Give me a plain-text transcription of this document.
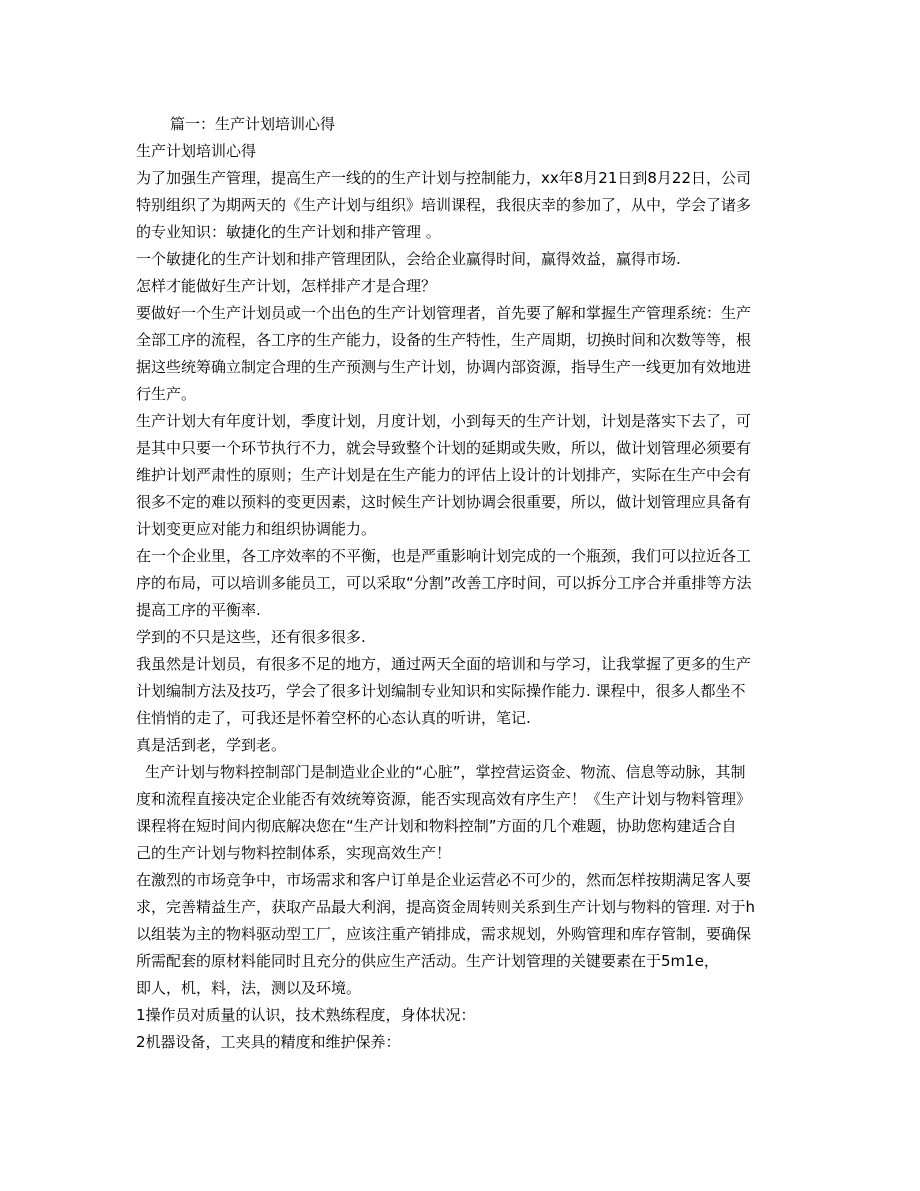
篇一：生产计划培训心得

生产计划培训心得

为了加强生产管理，提高生产一线的的生产计划与控制能力，xx年8月21日到8月22日，公司

特别组织了为期两天的《生产计划与组织》培训课程，我很庆幸的参加了，从中，学会了诸多

的专业知识：敏捷化的生产计划和排产管理 。

一个敏捷化的生产计划和排产管理团队，会给企业赢得时间，赢得效益，赢得市场.

怎样才能做好生产计划，怎样排产才是合理？

要做好一个生产计划员或一个出色的生产计划管理者，首先要了解和掌握生产管理系统：生产

全部工序的流程，各工序的生产能力，设备的生产特性，生产周期，切换时间和次数等等，根

据这些统筹确立制定合理的生产预测与生产计划，协调内部资源，指导生产一线更加有效地进

行生产。

生产计划大有年度计划，季度计划，月度计划，小到每天的生产计划，计划是落实下去了，可

是其中只要一个环节执行不力，就会导致整个计划的延期或失败，所以，做计划管理必须要有

维护计划严肃性的原则；生产计划是在生产能力的评估上设计的计划排产，实际在生产中会有

很多不定的难以预料的变更因素，这时候生产计划协调会很重要，所以，做计划管理应具备有

计划变更应对能力和组织协调能力。

在一个企业里，各工序效率的不平衡，也是严重影响计划完成的一个瓶颈，我们可以拉近各工

序的布局，可以培训多能员工，可以采取“分割”改善工序时间，可以拆分工序合并重排等方法

提高工序的平衡率.

学到的不只是这些，还有很多很多.

我虽然是计划员，有很多不足的地方，通过两天全面的培训和与学习，让我掌握了更多的生产

计划编制方法及技巧，学会了很多计划编制专业知识和实际操作能力. 课程中，很多人都坐不

住悄悄的走了，可我还是怀着空杯的心态认真的听讲，笔记.

真是活到老，学到老。

生产计划与物料控制部门是制造业企业的“心脏”，掌控营运资金、物流、信息等动脉，其制

度和流程直接决定企业能否有效统筹资源，能否实现高效有序生产！《生产计划与物料管理》

课程将在短时间内彻底解决您在“生产计划和物料控制”方面的几个难题，协助您构建适合自

己的生产计划与物料控制体系，实现高效生产！

在激烈的市场竞争中，市场需求和客户订单是企业运营必不可少的，然而怎样按期满足客人要

求，完善精益生产，获取产品最大利润，提高资金周转则关系到生产计划与物料的管理. 对于h

以组装为主的物料驱动型工厂，应该注重产销排成，需求规划，外购管理和库存管制，要确保

所需配套的原材料能同时且充分的供应生产活动。生产计划管理的关键要素在于5m1e，

即人，机，料，法，测以及环境。

1操作员对质量的认识，技术熟练程度，身体状况：

2机器设备，工夹具的精度和维护保养：
